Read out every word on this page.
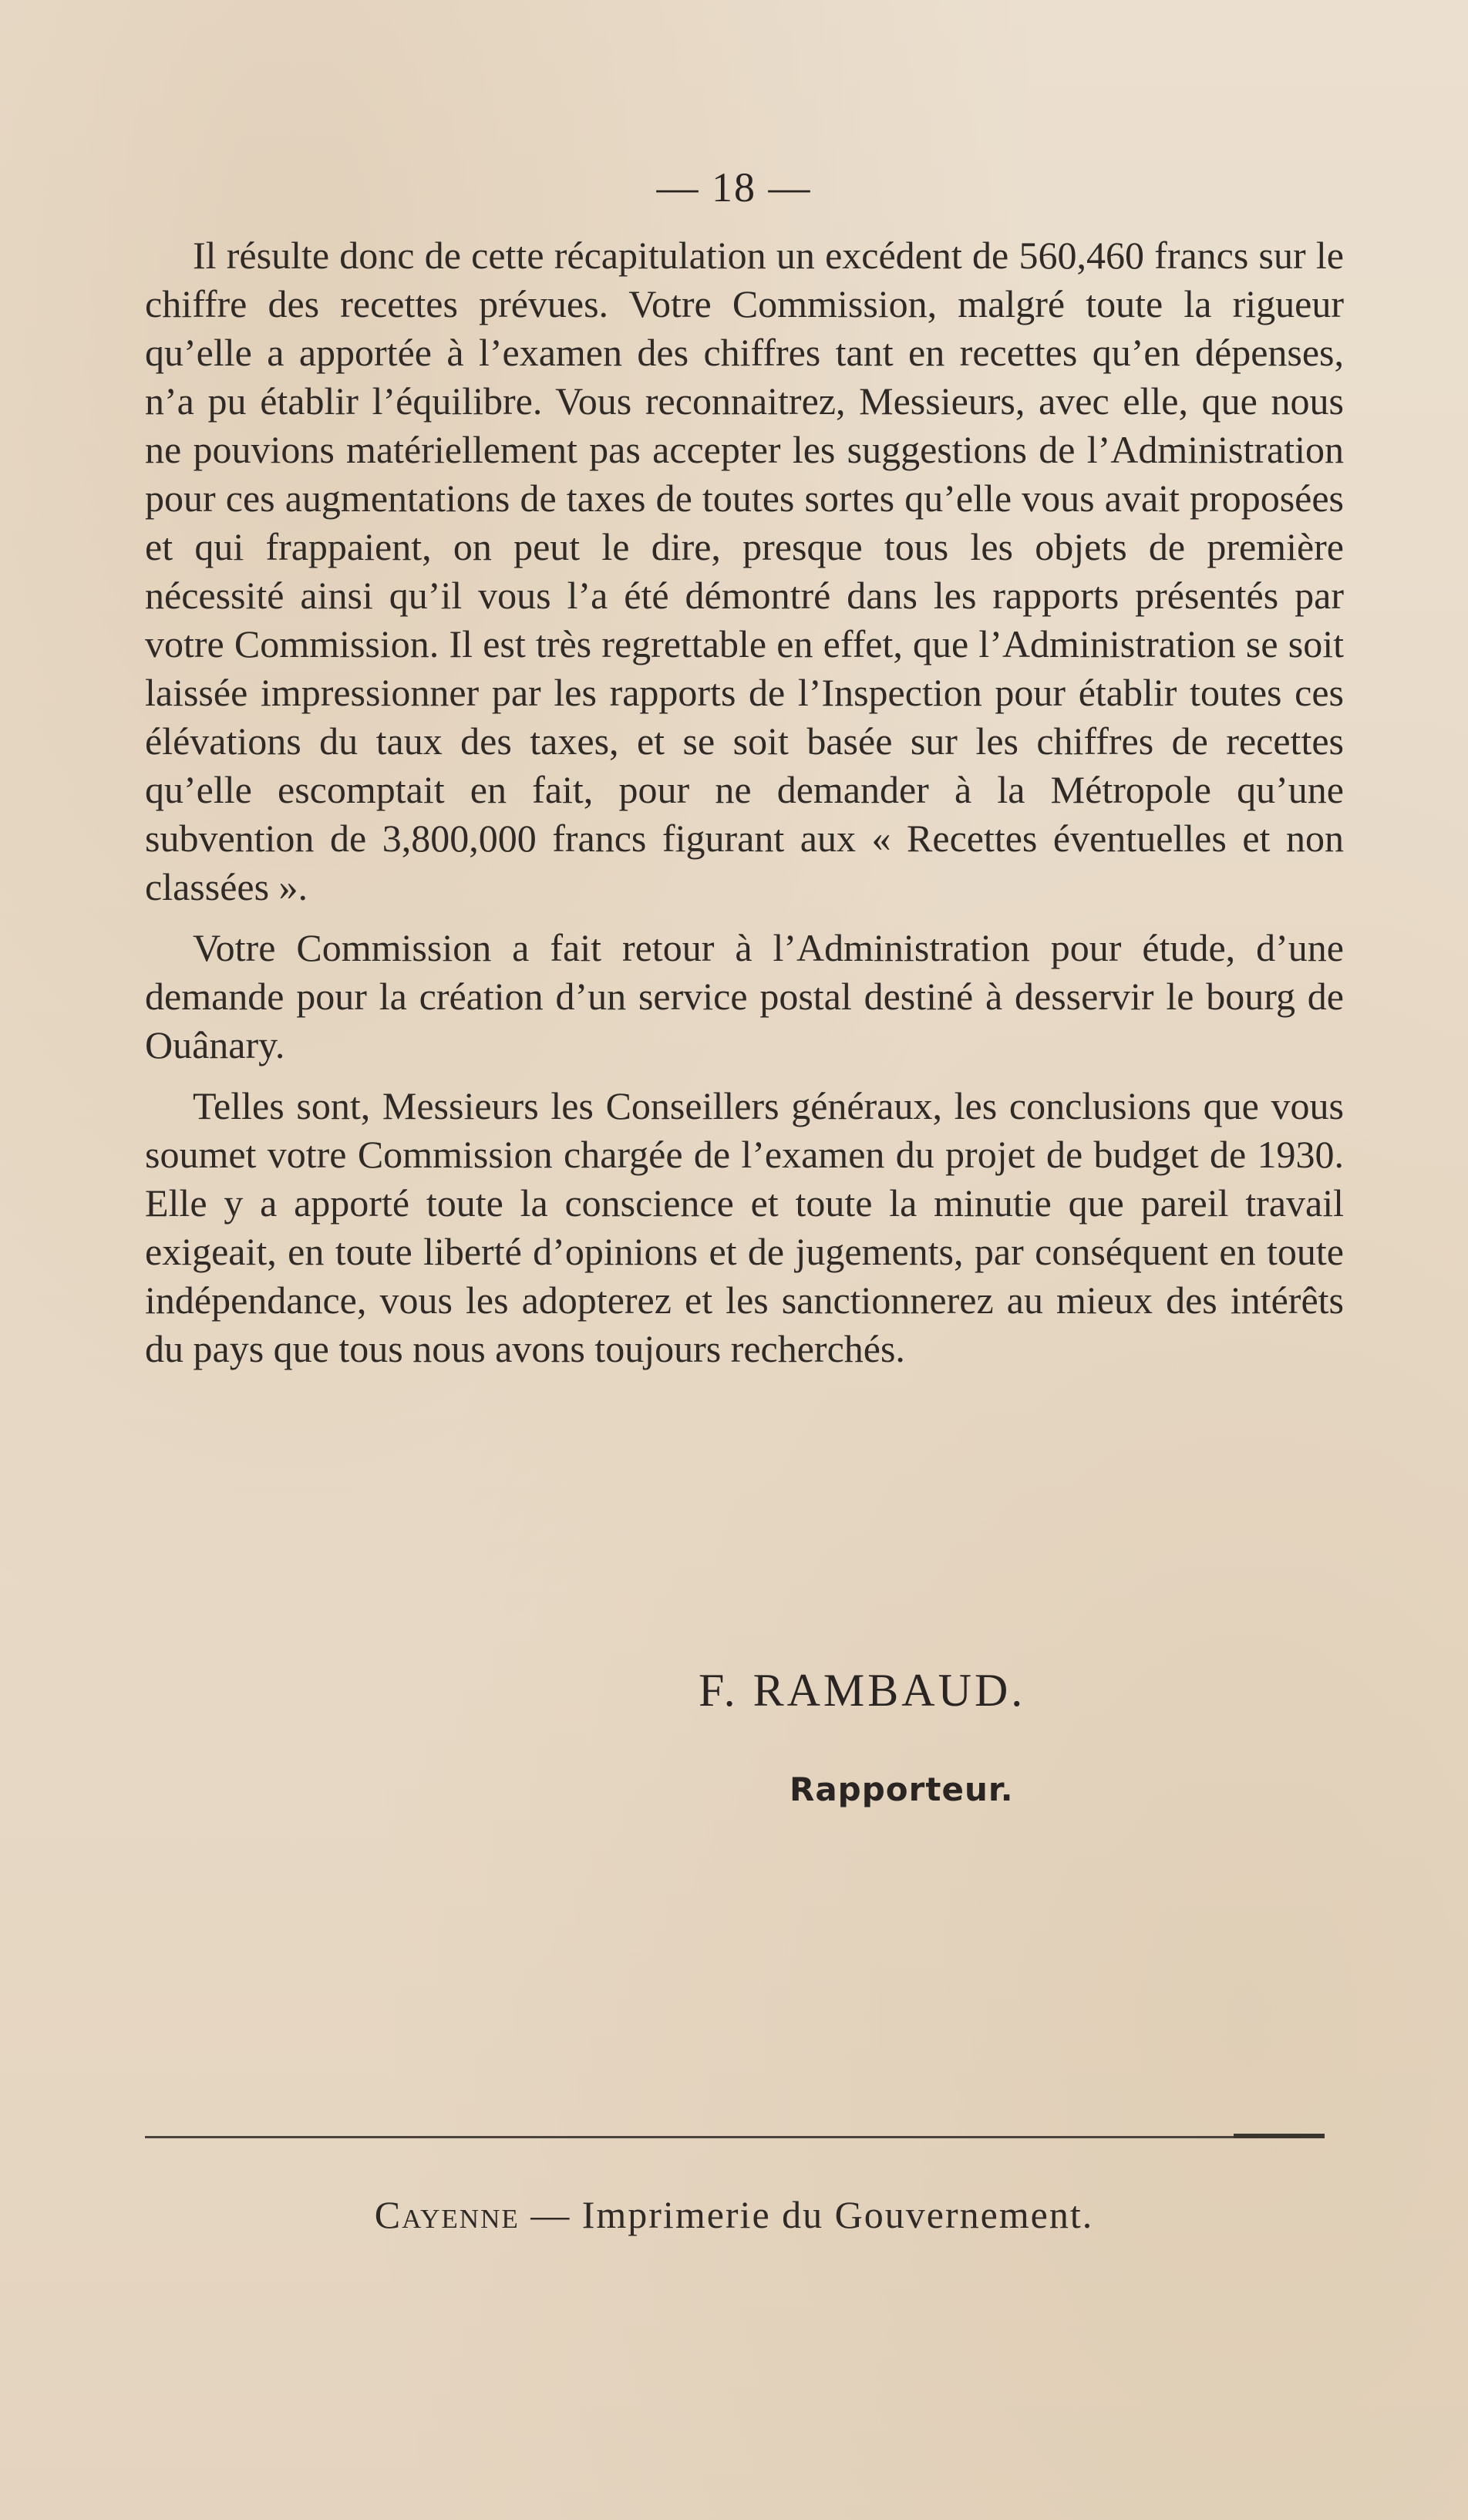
— 18 —

Il résulte donc de cette récapitulation un excédent de 560,460 francs sur le chiffre des recettes prévues. Votre Commission, malgré toute la rigueur qu’elle a apportée à l’examen des chiffres tant en recettes qu’en dépenses, n’a pu établir l’équilibre. Vous reconnaitrez, Messieurs, avec elle, que nous ne pouvions matériellement pas accepter les suggestions de l’Administration pour ces augmentations de taxes de toutes sortes qu’elle vous avait proposées et qui frappaient, on peut le dire, presque tous les objets de première nécessité ainsi qu’il vous l’a été démontré dans les rapports présentés par votre Commission. Il est très regrettable en effet, que l’Administration se soit laissée impressionner par les rapports de l’Inspection pour établir toutes ces élévations du taux des taxes, et se soit basée sur les chiffres de recettes qu’elle escomptait en fait, pour ne demander à la Métropole qu’une subvention de 3,800,000 francs figurant aux « Recettes éventuelles et non classées ».

Votre Commission a fait retour à l’Administration pour étude, d’une demande pour la création d’un service postal destiné à desservir le bourg de Ouânary.

Telles sont, Messieurs les Conseillers généraux, les conclusions que vous soumet votre Commission chargée de l’examen du projet de budget de 1930. Elle y a apporté toute la conscience et toute la minutie que pareil travail exigeait, en toute liberté d’opinions et de jugements, par conséquent en toute indépendance, vous les adopterez et les sanctionnerez au mieux des intérêts du pays que tous nous avons toujours recherchés.

F. RAMBAUD.
Rapporteur.
Cayenne — Imprimerie du Gouvernement.
